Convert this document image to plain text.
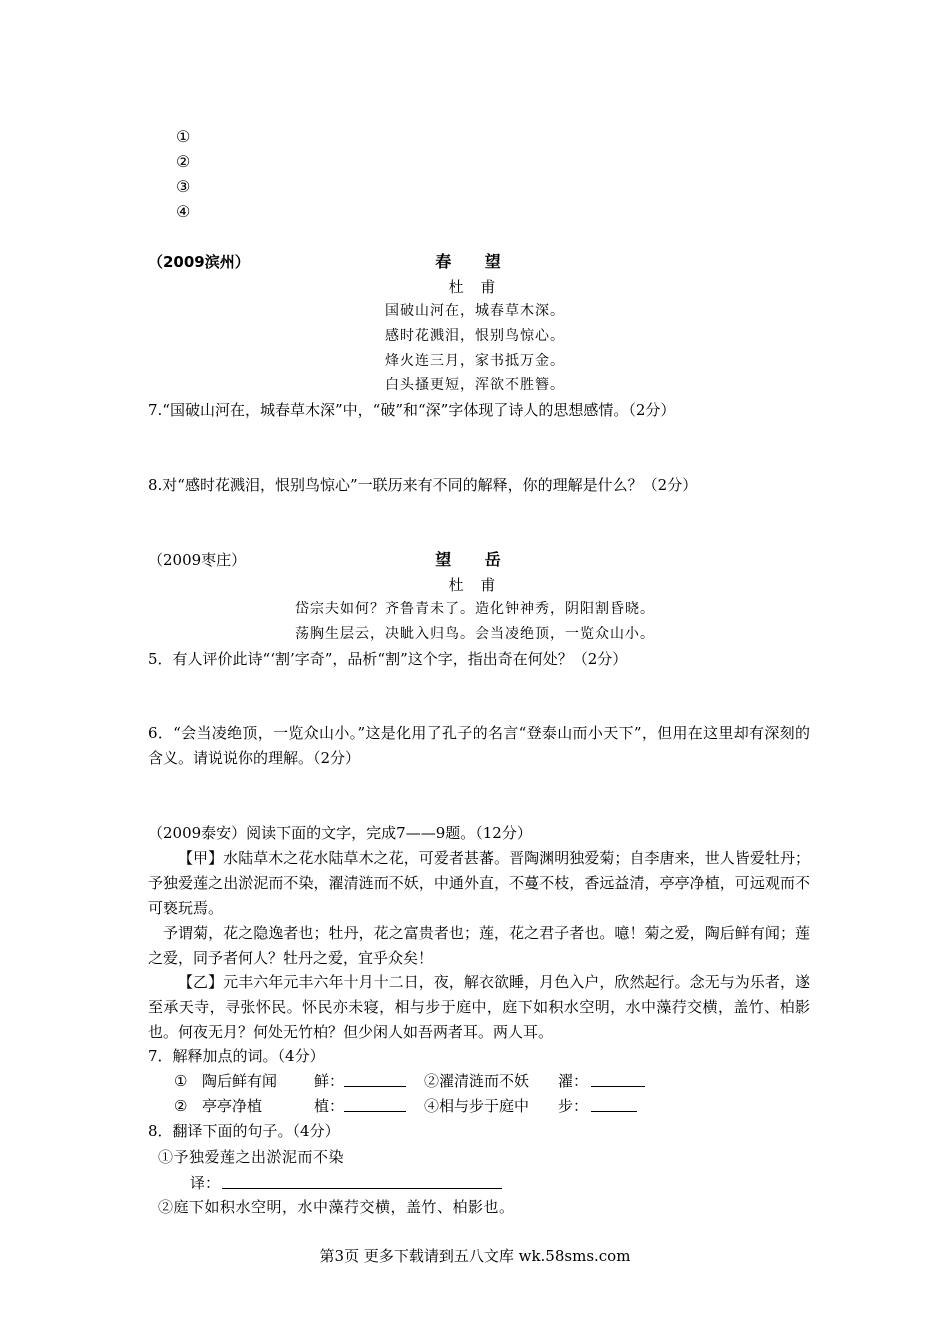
①
②
③
④
（2009滨州）	春 望
杜 甫
国破山河在，城春草木深。
感时花溅泪，恨别鸟惊心。
烽火连三月，家书抵万金。
白头搔更短，浑欲不胜簪。
7.“国破山河在，城春草木深”中，“破”和“深”字体现了诗人的思想感情。（2分）
8.对“感时花溅泪，恨别鸟惊心”一联历来有不同的解释，你的理解是什么？（2分）
（2009枣庄）	望 岳
杜 甫
岱宗夫如何？齐鲁青未了。造化钟神秀，阴阳割昏晓。
荡胸生层云，决眦入归鸟。会当凌绝顶，一览众山小。
5．有人评价此诗“‘割’字奇”，品析“割”这个字，指出奇在何处？（2分）
6．“会当凌绝顶，一览众山小。”这是化用了孔子的名言“登泰山而小天下”，但用在这里却有深刻的含义。请说说你的理解。（2分）
（2009泰安）阅读下面的文字，完成7——9题。（12分）
【甲】水陆草木之花水陆草木之花，可爱者甚蕃。晋陶渊明独爱菊；自李唐来，世人皆爱牡丹；予独爱莲之出淤泥而不染，濯清涟而不妖，中通外直，不蔓不枝，香远益清，亭亭净植，可远观而不可亵玩焉。
予谓菊，花之隐逸者也；牡丹，花之富贵者也；莲，花之君子者也。噫！菊之爱，陶后鲜有闻；莲之爱，同予者何人？牡丹之爱，宜乎众矣！
【乙】元丰六年元丰六年十月十二日，夜，解衣欲睡，月色入户，欣然起行。念无与为乐者，遂至承天寺，寻张怀民。怀民亦未寝，相与步于庭中，庭下如积水空明，水中藻荇交横，盖竹、柏影也。何夜无月？何处无竹柏？但少闲人如吾两者耳。两人耳。
7．解释加点的词。（4分）
① 陶后鲜有闻 鲜：	②濯清涟而不妖 濯：
② 亭亭净植	植：	④相与步于庭中 步：
8．翻译下面的句子。（4分）
①予独爱莲之出淤泥而不染
译：
②庭下如积水空明，水中藻荇交横，盖竹、柏影也。
第3页 更多下载请到五八文库 wk.58sms.com
